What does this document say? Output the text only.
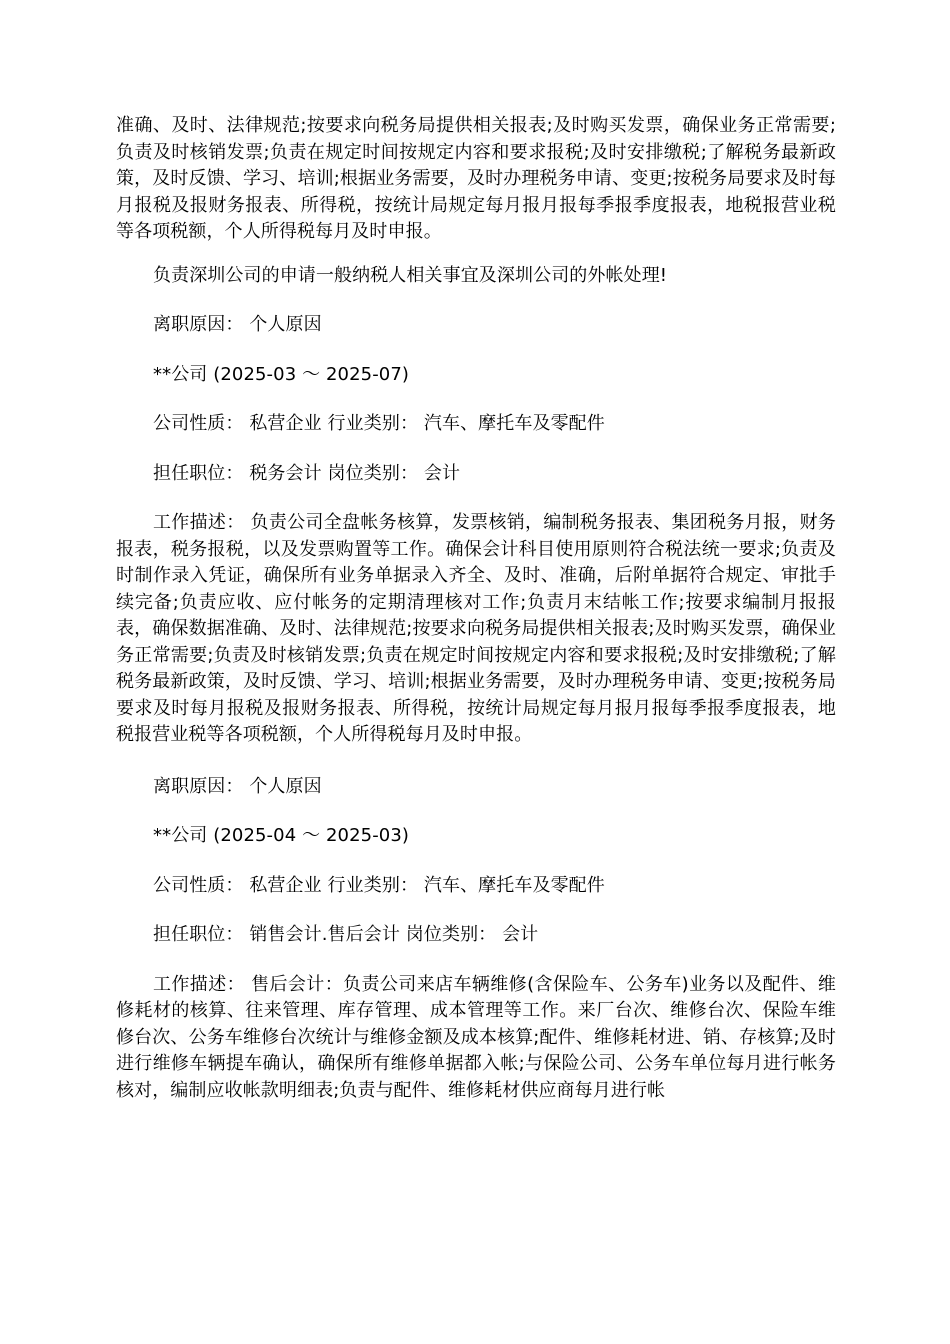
准确、及时、法律规范;按要求向税务局提供相关报表;及时购买发票，确保业务正常需要;负责及时核销发票;负责在规定时间按规定内容和要求报税;及时安排缴税;了解税务最新政策，及时反馈、学习、培训;根据业务需要，及时办理税务申请、变更;按税务局要求及时每月报税及报财务报表、所得税，按统计局规定每月报月报每季报季度报表，地税报营业税等各项税额，个人所得税每月及时申报。

负责深圳公司的申请一般纳税人相关事宜及深圳公司的外帐处理!

离职原因： 个人原因

**公司 (2025-03 ～ 2025-07)

公司性质： 私营企业 行业类别： 汽车、摩托车及零配件

担任职位： 税务会计 岗位类别： 会计

工作描述： 负责公司全盘帐务核算，发票核销，编制税务报表、集团税务月报，财务报表，税务报税，以及发票购置等工作。确保会计科目使用原则符合税法统一要求;负责及时制作录入凭证，确保所有业务单据录入齐全、及时、准确，后附单据符合规定、审批手续完备;负责应收、应付帐务的定期清理核对工作;负责月末结帐工作;按要求编制月报报表，确保数据准确、及时、法律规范;按要求向税务局提供相关报表;及时购买发票，确保业务正常需要;负责及时核销发票;负责在规定时间按规定内容和要求报税;及时安排缴税;了解税务最新政策，及时反馈、学习、培训;根据业务需要，及时办理税务申请、变更;按税务局要求及时每月报税及报财务报表、所得税，按统计局规定每月报月报每季报季度报表，地税报营业税等各项税额，个人所得税每月及时申报。

离职原因： 个人原因

**公司 (2025-04 ～ 2025-03)

公司性质： 私营企业 行业类别： 汽车、摩托车及零配件

担任职位： 销售会计.售后会计 岗位类别： 会计

工作描述： 售后会计：负责公司来店车辆维修(含保险车、公务车)业务以及配件、维修耗材的核算、往来管理、库存管理、成本管理等工作。来厂台次、维修台次、保险车维修台次、公务车维修台次统计与维修金额及成本核算;配件、维修耗材进、销、存核算;及时进行维修车辆提车确认，确保所有维修单据都入帐;与保险公司、公务车单位每月进行帐务核对，编制应收帐款明细表;负责与配件、维修耗材供应商每月进行帐
